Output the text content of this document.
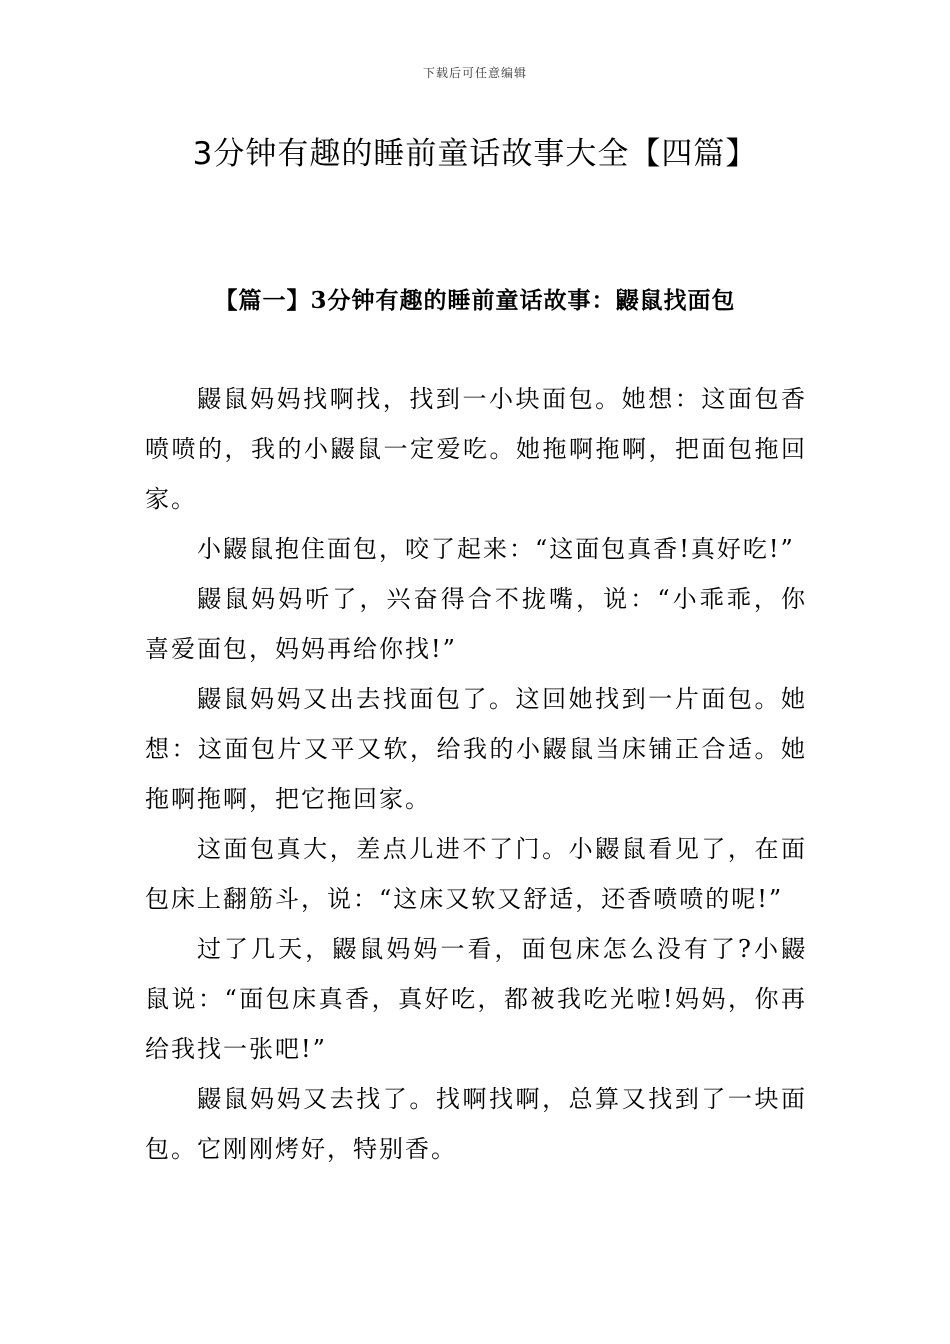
下载后可任意编辑
3分钟有趣的睡前童话故事大全【四篇】
【篇一】3分钟有趣的睡前童话故事：鼹鼠找面包

鼹鼠妈妈找啊找，找到一小块面包。她想：这面包香喷喷的，我的小鼹鼠一定爱吃。她拖啊拖啊，把面包拖回家。

小鼹鼠抱住面包，咬了起来：“这面包真香!真好吃!”

鼹鼠妈妈听了，兴奋得合不拢嘴，说：“小乖乖，你喜爱面包，妈妈再给你找!”

鼹鼠妈妈又出去找面包了。这回她找到一片面包。她想：这面包片又平又软，给我的小鼹鼠当床铺正合适。她拖啊拖啊，把它拖回家。

这面包真大，差点儿进不了门。小鼹鼠看见了，在面包床上翻筋斗，说：“这床又软又舒适，还香喷喷的呢!”

过了几天，鼹鼠妈妈一看，面包床怎么没有了?小鼹鼠说：“面包床真香，真好吃，都被我吃光啦!妈妈，你再给我找一张吧!”

鼹鼠妈妈又去找了。找啊找啊，总算又找到了一块面包。它刚刚烤好，特别香。
